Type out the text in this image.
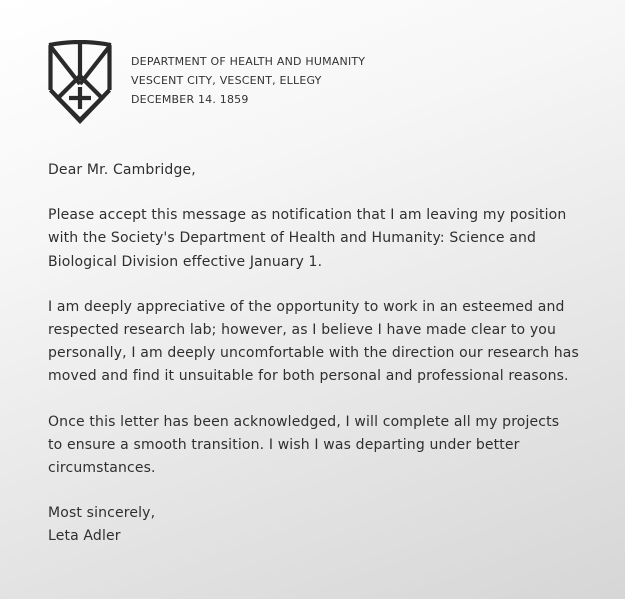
DEPARTMENT OF HEALTH AND HUMANITY
VESCENT CITY, VESCENT, ELLEGY
DECEMBER 14. 1859

Dear Mr. Cambridge,

Please accept this message as notification that I am leaving my position
with the Society's Department of Health and Humanity: Science and
Biological Division effective January 1.

I am deeply appreciative of the opportunity to work in an esteemed and
respected research lab; however, as I believe I have made clear to you
personally, I am deeply uncomfortable with the direction our research has
moved and find it unsuitable for both personal and professional reasons.

Once this letter has been acknowledged, I will complete all my projects
to ensure a smooth transition. I wish I was departing under better
circumstances.

Most sincerely,
Leta Adler
